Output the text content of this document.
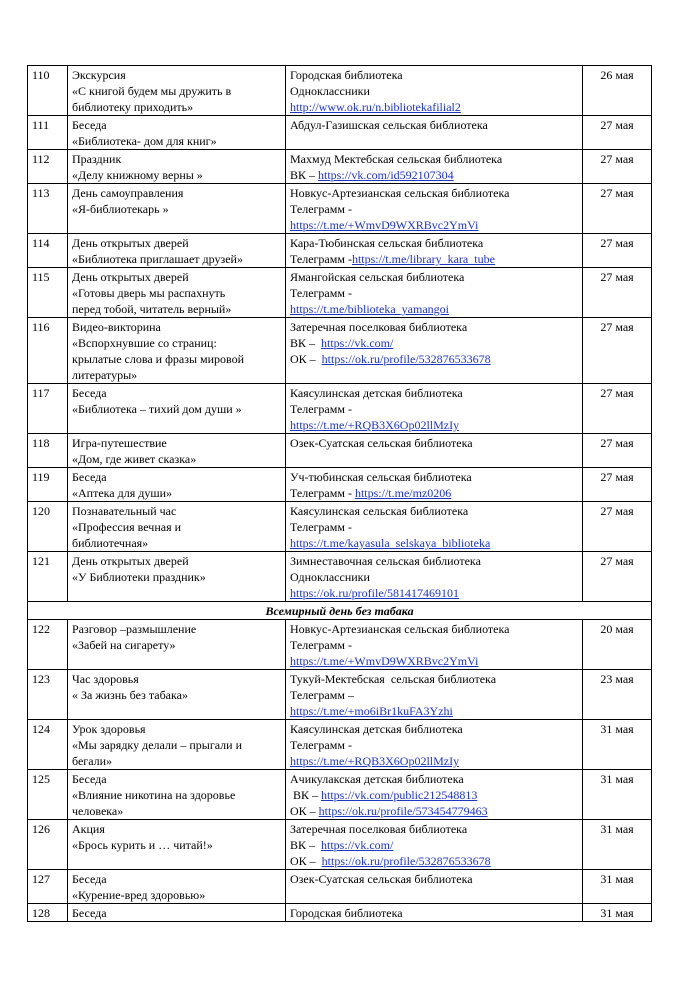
110	Экскурсия
«С книгой будем мы дружить в
библиотеку приходить»	Городская библиотека
Одноклассники
http://www.ok.ru/n.bibliotekafilial2	26 мая
111	Беседа
«Библиотека- дом для книг»	Абдул-Газишская сельская библиотека	27 мая
112	Праздник
«Делу книжному верны »	Махмуд Мектебская сельская библиотека
ВК – https://vk.com/id592107304	27 мая
113	День самоуправления
«Я-библиотекарь »	Новкус-Артезианская сельская библиотека
Телеграмм -
https://t.me/+WmvD9WXRBvc2YmVi	27 мая
114	День открытых дверей
«Библиотека приглашает друзей»	Кара-Тюбинская сельская библиотека
Телеграмм -https://t.me/library_kara_tube	27 мая
115	День открытых дверей
«Готовы дверь мы распахнуть
перед тобой, читатель верный»	Ямангойская сельская библиотека
Телеграмм -
https://t.me/biblioteka_yamangoi	27 мая
116	Видео-викторина
«Вспорхнувшие со страниц:
крылатые слова и фразы мировой
литературы»	Затеречная поселковая библиотека
ВК –  https://vk.com/
ОК –  https://ok.ru/profile/532876533678	27 мая
117	Беседа
«Библиотека – тихий дом души »	Каясулинская детская библиотека
Телеграмм -
https://t.me/+RQB3X6Op02llMzIy	27 мая
118	Игра-путешествие
«Дом, где живет сказка»	Озек-Суатская сельская библиотека	27 мая
119	Беседа
«Аптека для души»	Уч-тюбинская сельская библиотека
Телеграмм - https://t.me/mz0206	27 мая
120	Познавательный час
«Профессия вечная и
библиотечная»	Каясулинская сельская библиотека
Телеграмм -
https://t.me/kayasula_selskaya_biblioteka	27 мая
121	День открытых дверей
«У Библиотеки праздник»	Зимнеставочная сельская библиотека
Одноклассники
https://ok.ru/profile/581417469101	27 мая
Всемирный день без табака			
122	Разговор –размышление
«Забей на сигарету»	Новкус-Артезианская сельская библиотека
Телеграмм -
https://t.me/+WmvD9WXRBvc2YmVi	20 мая
123	Час здоровья
« За жизнь без табака»	Тукуй-Мектебская  сельская библиотека
Телеграмм –
https://t.me/+mo6iBr1kuFA3Yzhi	23 мая
124	Урок здоровья
«Мы зарядку делали – прыгали и
бегали»	Каясулинская детская библиотека
Телеграмм -
https://t.me/+RQB3X6Op02llMzIy	31 мая
125	Беседа
«Влияние никотина на здоровье
человека»	Ачикулакская детская библиотека
ВК – https://vk.com/public212548813
ОК – https://ok.ru/profile/573454779463	31 мая
126	Акция
«Брось курить и … читай!»	Затеречная поселковая библиотека
ВК –  https://vk.com/
ОК –  https://ok.ru/profile/532876533678	31 мая
127	Беседа
«Курение-вред здоровью»	Озек-Суатская сельская библиотека	31 мая
128	Беседа	Городская библиотека	31 мая
